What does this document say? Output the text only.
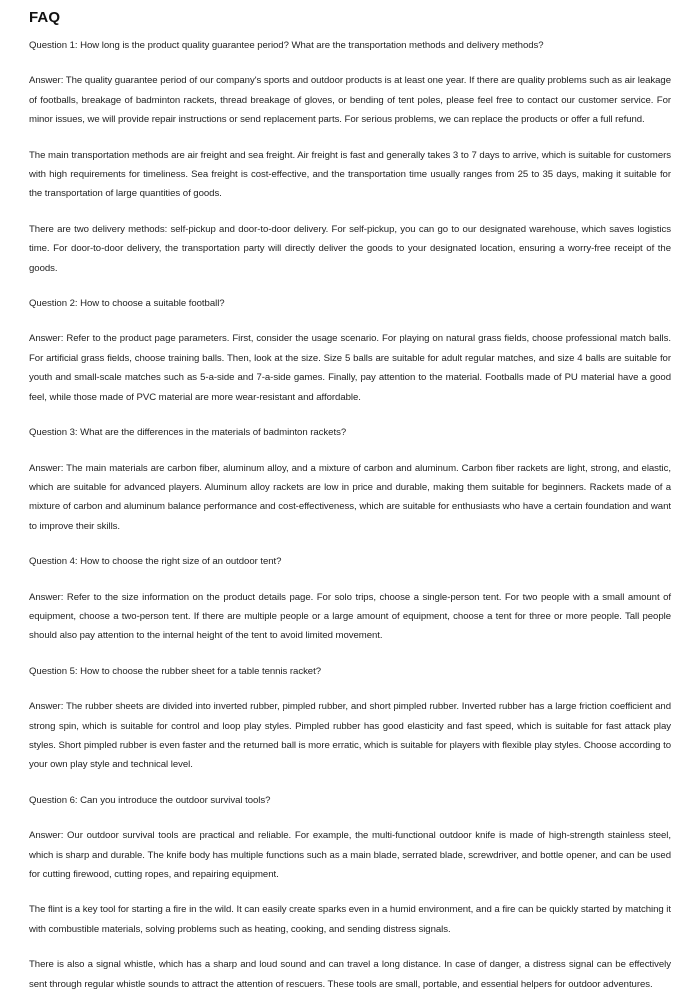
FAQ

Question 1: How long is the product quality guarantee period? What are the transportation methods and delivery methods?

Answer: The quality guarantee period of our company's sports and outdoor products is at least one year. If there are quality problems such as air leakage of footballs, breakage of badminton rackets, thread breakage of gloves, or bending of tent poles, please feel free to contact our customer service. For minor issues, we will provide repair instructions or send replacement parts. For serious problems, we can replace the products or offer a full refund.

The main transportation methods are air freight and sea freight. Air freight is fast and generally takes 3 to 7 days to arrive, which is suitable for customers with high requirements for timeliness. Sea freight is cost-effective, and the transportation time usually ranges from 25 to 35 days, making it suitable for the transportation of large quantities of goods.

There are two delivery methods: self-pickup and door-to-door delivery. For self-pickup, you can go to our designated warehouse, which saves logistics time. For door-to-door delivery, the transportation party will directly deliver the goods to your designated location, ensuring a worry-free receipt of the goods.

Question 2: How to choose a suitable football?

Answer: Refer to the product page parameters. First, consider the usage scenario. For playing on natural grass fields, choose professional match balls. For artificial grass fields, choose training balls. Then, look at the size. Size 5 balls are suitable for adult regular matches, and size 4 balls are suitable for youth and small-scale matches such as 5-a-side and 7-a-side games. Finally, pay attention to the material. Footballs made of PU material have a good feel, while those made of PVC material are more wear-resistant and affordable.

Question 3: What are the differences in the materials of badminton rackets?

Answer: The main materials are carbon fiber, aluminum alloy, and a mixture of carbon and aluminum. Carbon fiber rackets are light, strong, and elastic, which are suitable for advanced players. Aluminum alloy rackets are low in price and durable, making them suitable for beginners. Rackets made of a mixture of carbon and aluminum balance performance and cost-effectiveness, which are suitable for enthusiasts who have a certain foundation and want to improve their skills.

Question 4: How to choose the right size of an outdoor tent?

Answer: Refer to the size information on the product details page. For solo trips, choose a single-person tent. For two people with a small amount of equipment, choose a two-person tent. If there are multiple people or a large amount of equipment, choose a tent for three or more people. Tall people should also pay attention to the internal height of the tent to avoid limited movement.

Question 5: How to choose the rubber sheet for a table tennis racket?

Answer: The rubber sheets are divided into inverted rubber, pimpled rubber, and short pimpled rubber. Inverted rubber has a large friction coefficient and strong spin, which is suitable for control and loop play styles. Pimpled rubber has good elasticity and fast speed, which is suitable for fast attack play styles. Short pimpled rubber is even faster and the returned ball is more erratic, which is suitable for players with flexible play styles. Choose according to your own play style and technical level.

Question 6: Can you introduce the outdoor survival tools?

Answer: Our outdoor survival tools are practical and reliable. For example, the multi-functional outdoor knife is made of high-strength stainless steel, which is sharp and durable. The knife body has multiple functions such as a main blade, serrated blade, screwdriver, and bottle opener, and can be used for cutting firewood, cutting ropes, and repairing equipment.

The flint is a key tool for starting a fire in the wild. It can easily create sparks even in a humid environment, and a fire can be quickly started by matching it with combustible materials, solving problems such as heating, cooking, and sending distress signals.

There is also a signal whistle, which has a sharp and loud sound and can travel a long distance. In case of danger, a distress signal can be effectively sent through regular whistle sounds to attract the attention of rescuers. These tools are small, portable, and essential helpers for outdoor adventures.
